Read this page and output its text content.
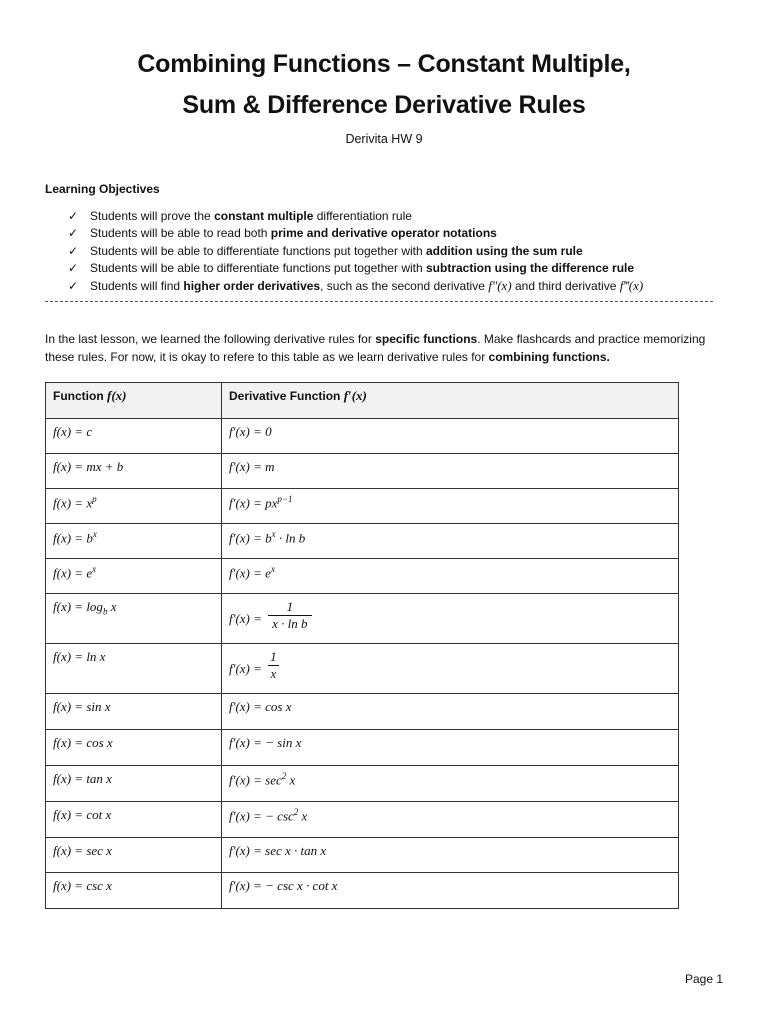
Combining Functions – Constant Multiple,
Sum & Difference Derivative Rules
Derivita HW 9
Learning Objectives
✓ Students will prove the constant multiple differentiation rule
✓ Students will be able to read both prime and derivative operator notations
✓ Students will be able to differentiate functions put together with addition using the sum rule
✓ Students will be able to differentiate functions put together with subtraction using the difference rule
✓ Students will find higher order derivatives, such as the second derivative f″(x) and third derivative f‴(x)
In the last lesson, we learned the following derivative rules for specific functions. Make flashcards and practice memorizing these rules. For now, it is okay to refere to this table as we learn derivative rules for combining functions.
Function f(x)	Derivative Function f′(x)
f(x) = c	f′(x) = 0
f(x) = mx + b	f′(x) = m
$f(x) = x^p$	$f'(x) = px^{p-1}$
$f(x) = b^x$	$f'(x) = b^x \cdot \ln b$
$f(x) = e^x$	$f'(x) = e^x$
$f(x) = \log_b x$	$f'(x) = \frac{1}{\text{x · ln b}}$

f(x) = ln x	$f'(x) = \frac{1}{x}$

f(x) = sin x	f′(x) = cos x
f(x) = cos x	f′(x) = − sin x
f(x) = tan x	$f'(x) = \sec^2 x$
f(x) = cot x	f′(x) = − $\csc^2 x$
f(x) = sec x	f′(x) = sec x · tan x
f(x) = csc x	f′(x) = − csc x · cot x
Page 1
